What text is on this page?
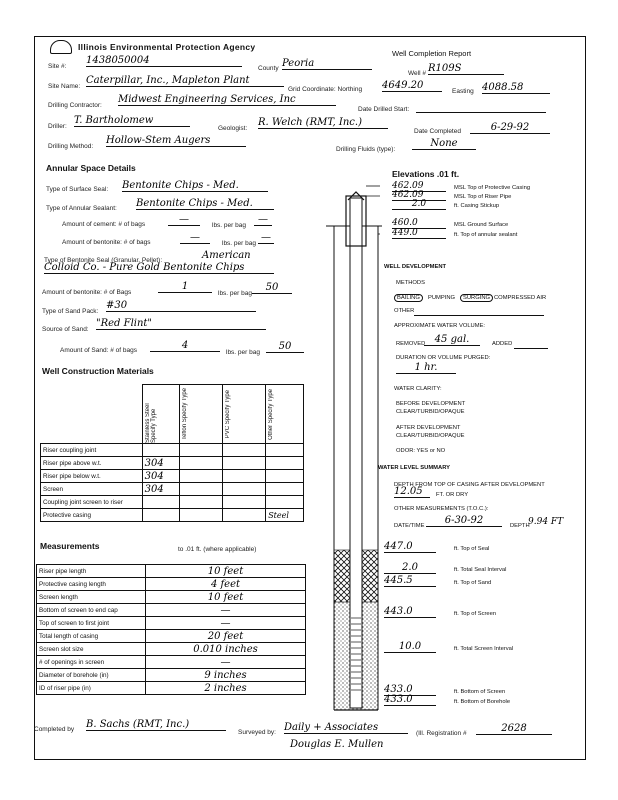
Illinois Environmental Protection Agency
Well Completion Report
Site #:
1438050004
County Peoria
Well # R109S
Site Name:
Caterpillar, Inc., Mapleton Plant
Grid Coordinate: Northing 4649.20
Easting 4088.58
Drilling Contractor:
Midwest Engineering Services, Inc
Date Drilled Start:
Driller:
T. Bartholomew
Geologist:
R. Welch (RMT, Inc.)
Date Completed	6-29-92
Drilling Method:
Hollow-Stem Augers
Drilling Fluids (type):
None
Annular Space Details
Type of Surface Seal: Bentonite Chips - Med.
Type of Annular Sealant: Bentonite Chips - Med.
Amount of cement: # of bags	—
lbs. per bag
—
Amount of bentonite: # of bags	—
lbs. per bag
—
Type of Bentonite Seal (Granular, Pellet):	American
Colloid Co. - Pure Gold Bentonite Chips
Amount of bentonite: # of Bags
1
lbs. per bag
50
Type of Sand Pack:
#30
Source of Sand:
"Red Flint"
Amount of Sand: # of bags	4
lbs. per bag
50
Well Construction Materials

	Stainless Steel Specify Type	Teflon Specify Type	PVC Specify Type	Other Specify Type

Riser coupling joint				
Riser pipe above w.t.	304			
Riser pipe below w.t.	304			
Screen	304			
Coupling joint screen to riser				
Protective casing				Steel
Measurements	to .01 ft. (where applicable)
Riser pipe length	10 feet
Protective casing length	4 feet
Screen length	10 feet
Bottom of screen to end cap	—
Top of screen to first joint	—
Total length of casing	20 feet
Screen slot size	0.010 inches
# of openings in screen	—
Diameter of borehole (in)	9 inches
ID of riser pipe (in)	2 inches
Elevations .01 ft.
462.09	MSL Top of Protective Casing
462.09	MSL Top of Riser Pipe
2.0	ft. Casing Stickup
460.0	MSL Ground Surface
449.0	ft. Top of annular sealant
WELL DEVELOPMENT
METHODS
BAILING	PUMPING	SURGING COMPRESSED AIR
OTHER
APPROXIMATE WATER VOLUME:
REMOVED 45 gal.	ADDED
DURATION OR VOLUME PURGED:
1 hr.
WATER CLARITY:
BEFORE DEVELOPMENT
CLEAR/TURBID/OPAQUE
AFTER DEVELOPMENT
CLEAR/TURBID/OPAQUE
ODOR: YES or NO
WATER LEVEL SUMMARY
DEPTH FROM TOP OF CASING AFTER DEVELOPMENT
12.05	FT. OR DRY
OTHER MEASUREMENTS (T.O.C.):
DATE/TIME	6-30-92	DEPTH
9.94 FT
447.0	ft. Top of Seal
2.0	ft. Total Seal Interval
445.5	ft. Top of Sand
443.0	ft. Top of Screen
10.0	ft. Total Screen Interval
433.0	ft. Bottom of Screen
433.0	ft. Bottom of Borehole
Completed by B. Sachs (RMT, Inc.)
Surveyed by: Daily + Associates
Douglas E. Mullen
(Ill. Registration #	2628
